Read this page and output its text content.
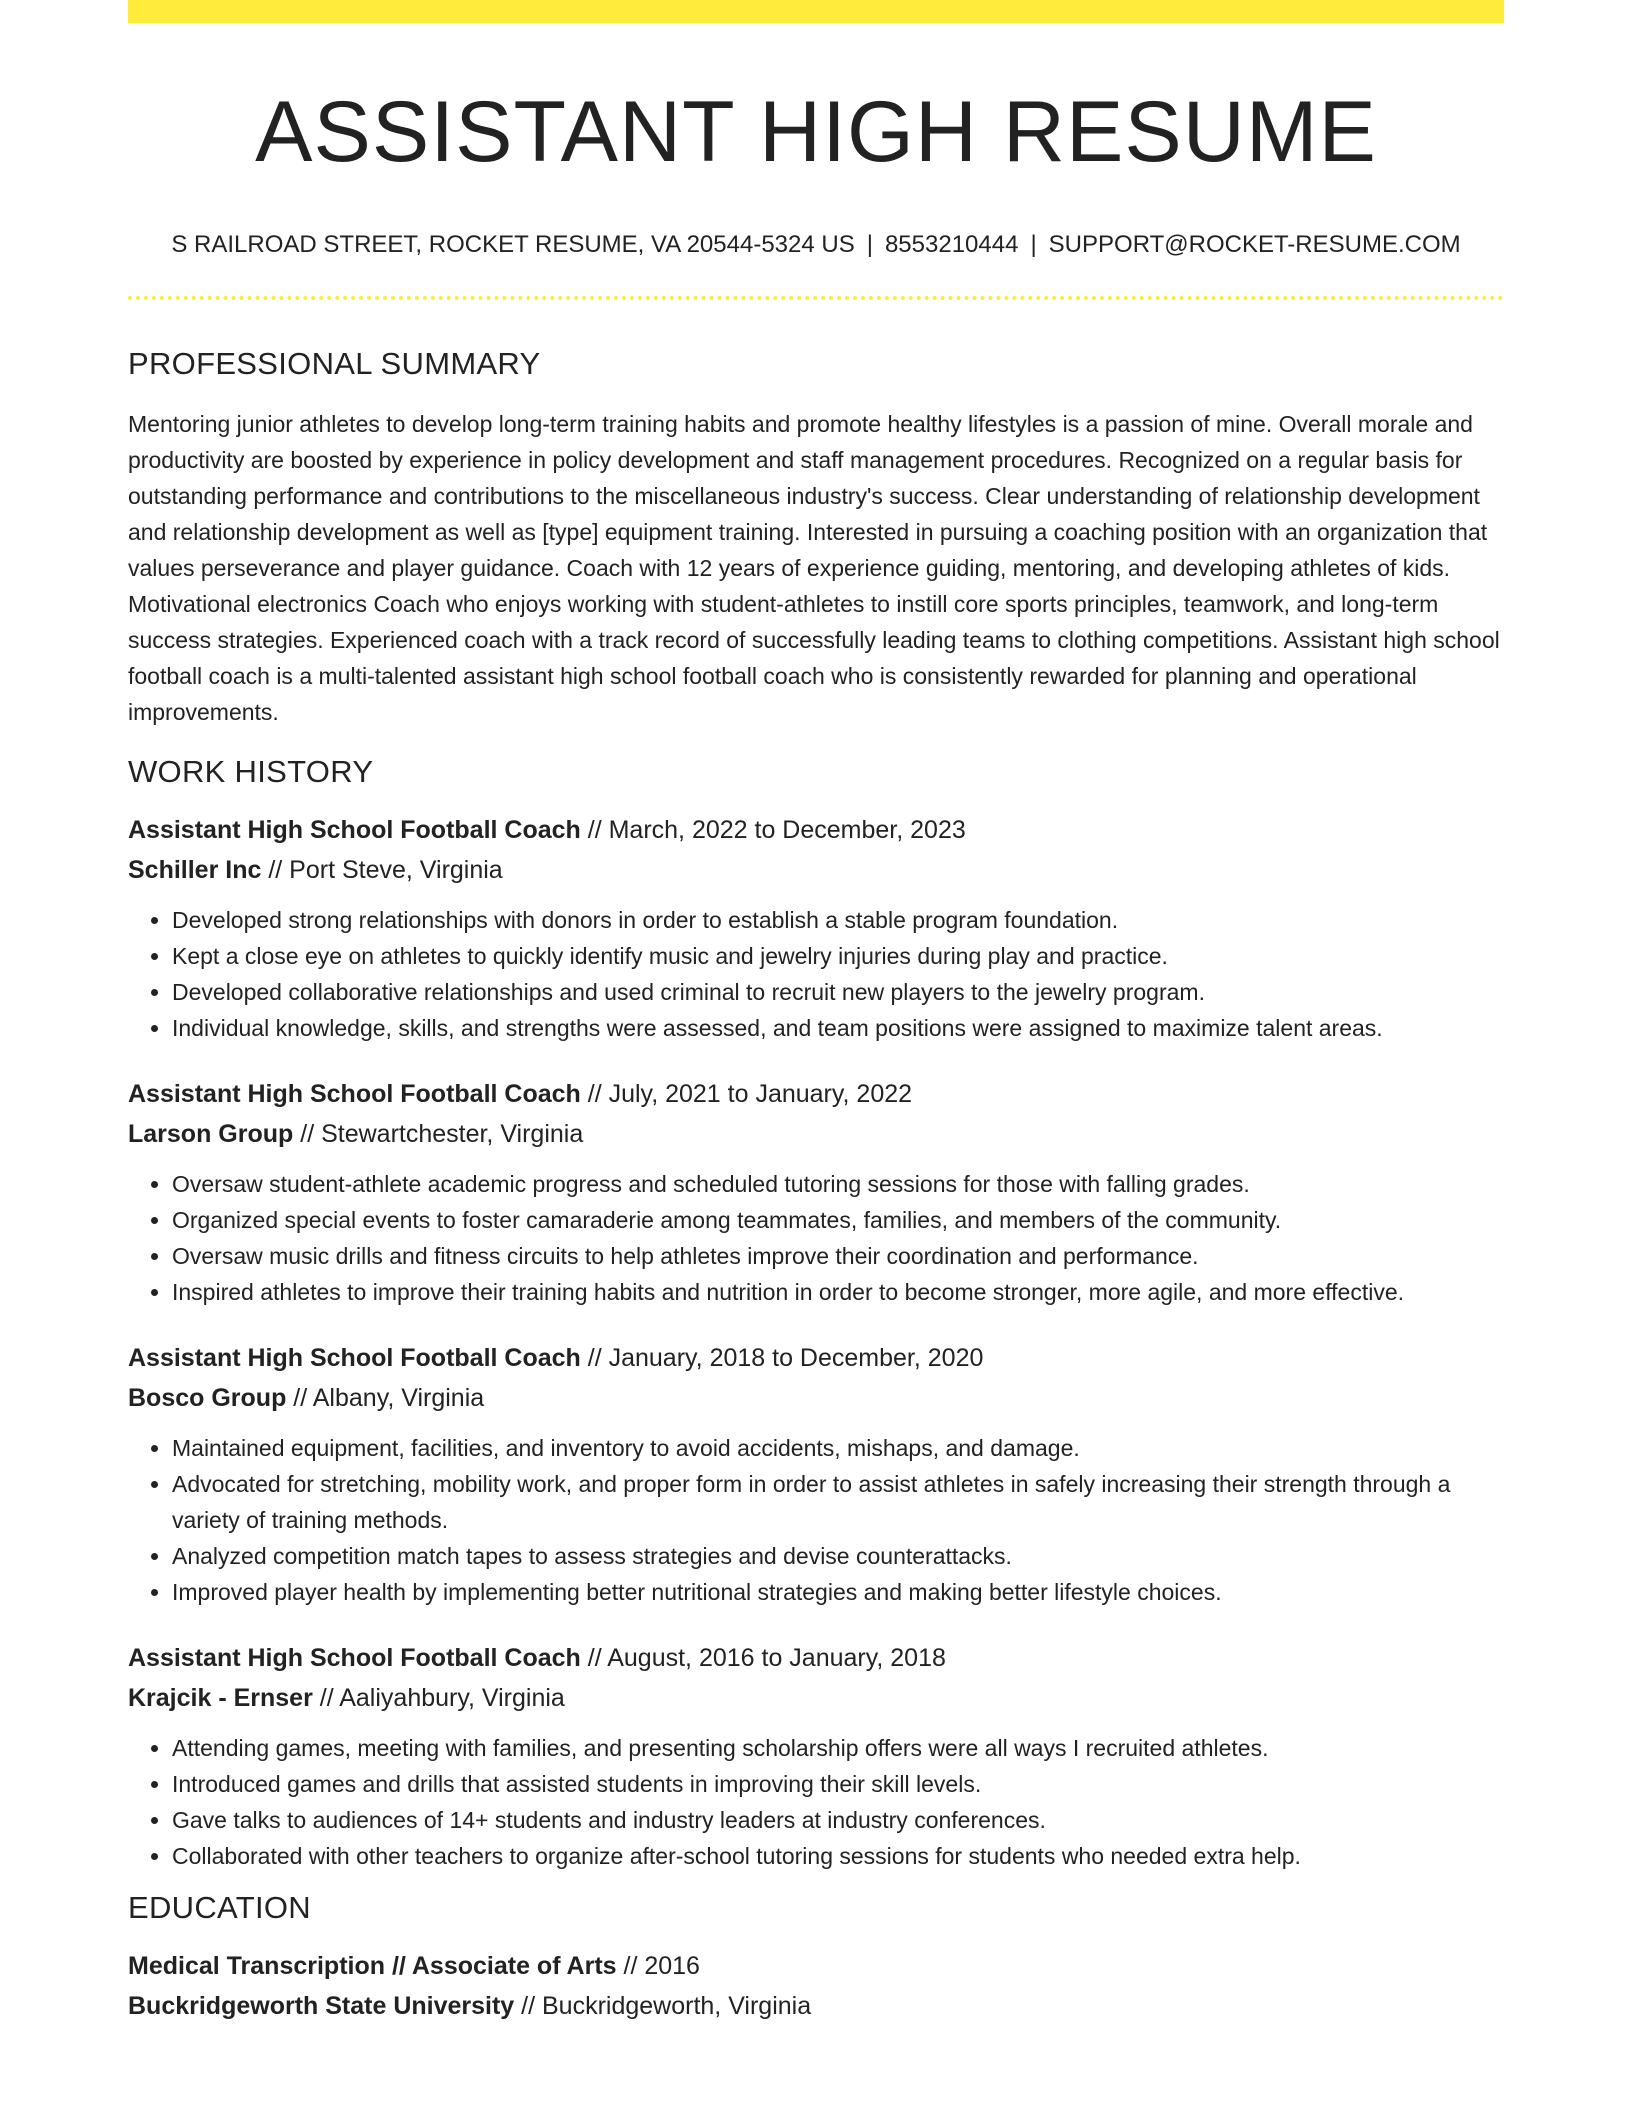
ASSISTANT HIGH RESUME
S RAILROAD STREET, ROCKET RESUME, VA 20544-5324 US | 8553210444 | SUPPORT@ROCKET-RESUME.COM
PROFESSIONAL SUMMARY
Mentoring junior athletes to develop long-term training habits and promote healthy lifestyles is a passion of mine. Overall morale and productivity are boosted by experience in policy development and staff management procedures. Recognized on a regular basis for outstanding performance and contributions to the miscellaneous industry's success. Clear understanding of relationship development and relationship development as well as [type] equipment training. Interested in pursuing a coaching position with an organization that values perseverance and player guidance. Coach with 12 years of experience guiding, mentoring, and developing athletes of kids. Motivational electronics Coach who enjoys working with student-athletes to instill core sports principles, teamwork, and long-term success strategies. Experienced coach with a track record of successfully leading teams to clothing competitions. Assistant high school football coach is a multi-talented assistant high school football coach who is consistently rewarded for planning and operational improvements.
WORK HISTORY
Assistant High School Football Coach // March, 2022 to December, 2023
Schiller Inc // Port Steve, Virginia
• Developed strong relationships with donors in order to establish a stable program foundation.
• Kept a close eye on athletes to quickly identify music and jewelry injuries during play and practice.
• Developed collaborative relationships and used criminal to recruit new players to the jewelry program.
• Individual knowledge, skills, and strengths were assessed, and team positions were assigned to maximize talent areas.
Assistant High School Football Coach // July, 2021 to January, 2022
Larson Group // Stewartchester, Virginia
• Oversaw student-athlete academic progress and scheduled tutoring sessions for those with falling grades.
• Organized special events to foster camaraderie among teammates, families, and members of the community.
• Oversaw music drills and fitness circuits to help athletes improve their coordination and performance.
• Inspired athletes to improve their training habits and nutrition in order to become stronger, more agile, and more effective.
Assistant High School Football Coach // January, 2018 to December, 2020
Bosco Group // Albany, Virginia
• Maintained equipment, facilities, and inventory to avoid accidents, mishaps, and damage.
• Advocated for stretching, mobility work, and proper form in order to assist athletes in safely increasing their strength through a variety of training methods.
• Analyzed competition match tapes to assess strategies and devise counterattacks.
• Improved player health by implementing better nutritional strategies and making better lifestyle choices.
Assistant High School Football Coach // August, 2016 to January, 2018
Krajcik - Ernser // Aaliyahbury, Virginia
• Attending games, meeting with families, and presenting scholarship offers were all ways I recruited athletes.
• Introduced games and drills that assisted students in improving their skill levels.
• Gave talks to audiences of 14+ students and industry leaders at industry conferences.
• Collaborated with other teachers to organize after-school tutoring sessions for students who needed extra help.
EDUCATION
Medical Transcription // Associate of Arts // 2016
Buckridgeworth State University // Buckridgeworth, Virginia
